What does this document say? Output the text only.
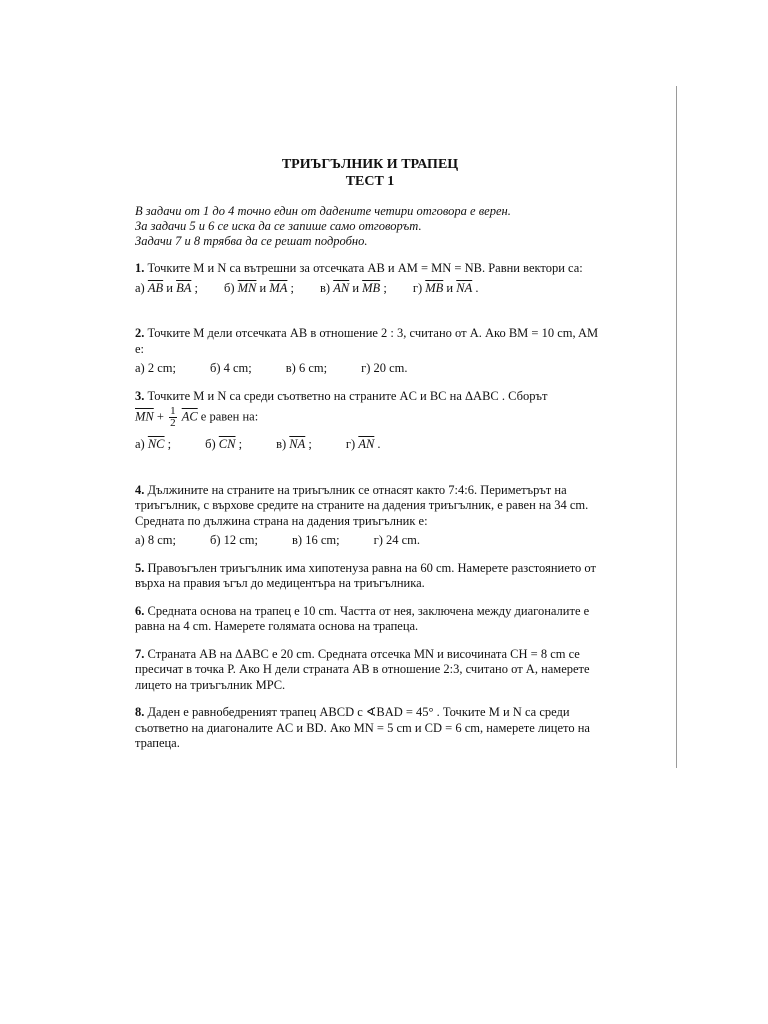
ТРИЪГЪЛНИК И ТРАПЕЦ
ТЕСТ 1
В задачи от 1 до 4 точно един от дадените четири отговора е верен.
За задачи 5 и 6 се иска да се запише само отговорът.
Задачи 7 и 8 трябва да се решат подробно.
1. Точките M и N са вътрешни за отсечката AB и AM = MN = NB. Равни вектори са:
а) $\overline{AB}$ и $\overline{BA}$ ; б) $\overline{MN}$ и $\overline{MA}$ ; в) $\overline{AN}$ и $\overline{MB}$ ; г) $\overline{MB}$ и $\overline{NA}$ .
2. Точките M дели отсечката AB в отношение 2 : 3, считано от A. Ако BM = 10 cm, AM е:
а) 2 cm;	б) 4 cm;	в) 6 cm;	г) 20 cm.
3. Точките M и N са среди съответно на страните AC и BC на ΔABC . Сборът
$\overline{MN} + \frac{1}{2} \overline{AC}$ е равен на:
а) $\overline{NC}$ ;	б) $\overline{CN}$ ;	в) $\overline{NA}$ ;	г) $\overline{AN}$ .
4. Дължините на страните на триъгълник се отнасят както 7:4:6. Периметърът на триъгълник, с върхове средите на страните на дадения триъгълник, е равен на 34 cm. Средната по дължина страна на дадения триъгълник е:
а) 8 cm;	б) 12 cm;	в) 16 cm;	г) 24 cm.
5. Правоъгълен триъгълник има хипотенуза равна на 60 cm. Намерете разстоянието от върха на правия ъгъл до медицентъра на триъгълника.
6. Средната основа на трапец е 10 cm. Частта от нея, заключена между диагоналите е равна на 4 cm. Намерете голямата основа на трапеца.
7. Страната AB на ΔABC е 20 cm. Средната отсечка MN и височината CH = 8 cm се пресичат в точка P. Ако H дели страната AB в отношение 2:3, считано от A, намерете лицето на триъгълник MPC.
8. Даден е равнобедреният трапец ABCD с ∢BAD = 45° . Точките M и N са среди съответно на диагоналите AC и BD. Ако MN = 5 cm и CD = 6 cm, намерете лицето на трапеца.
